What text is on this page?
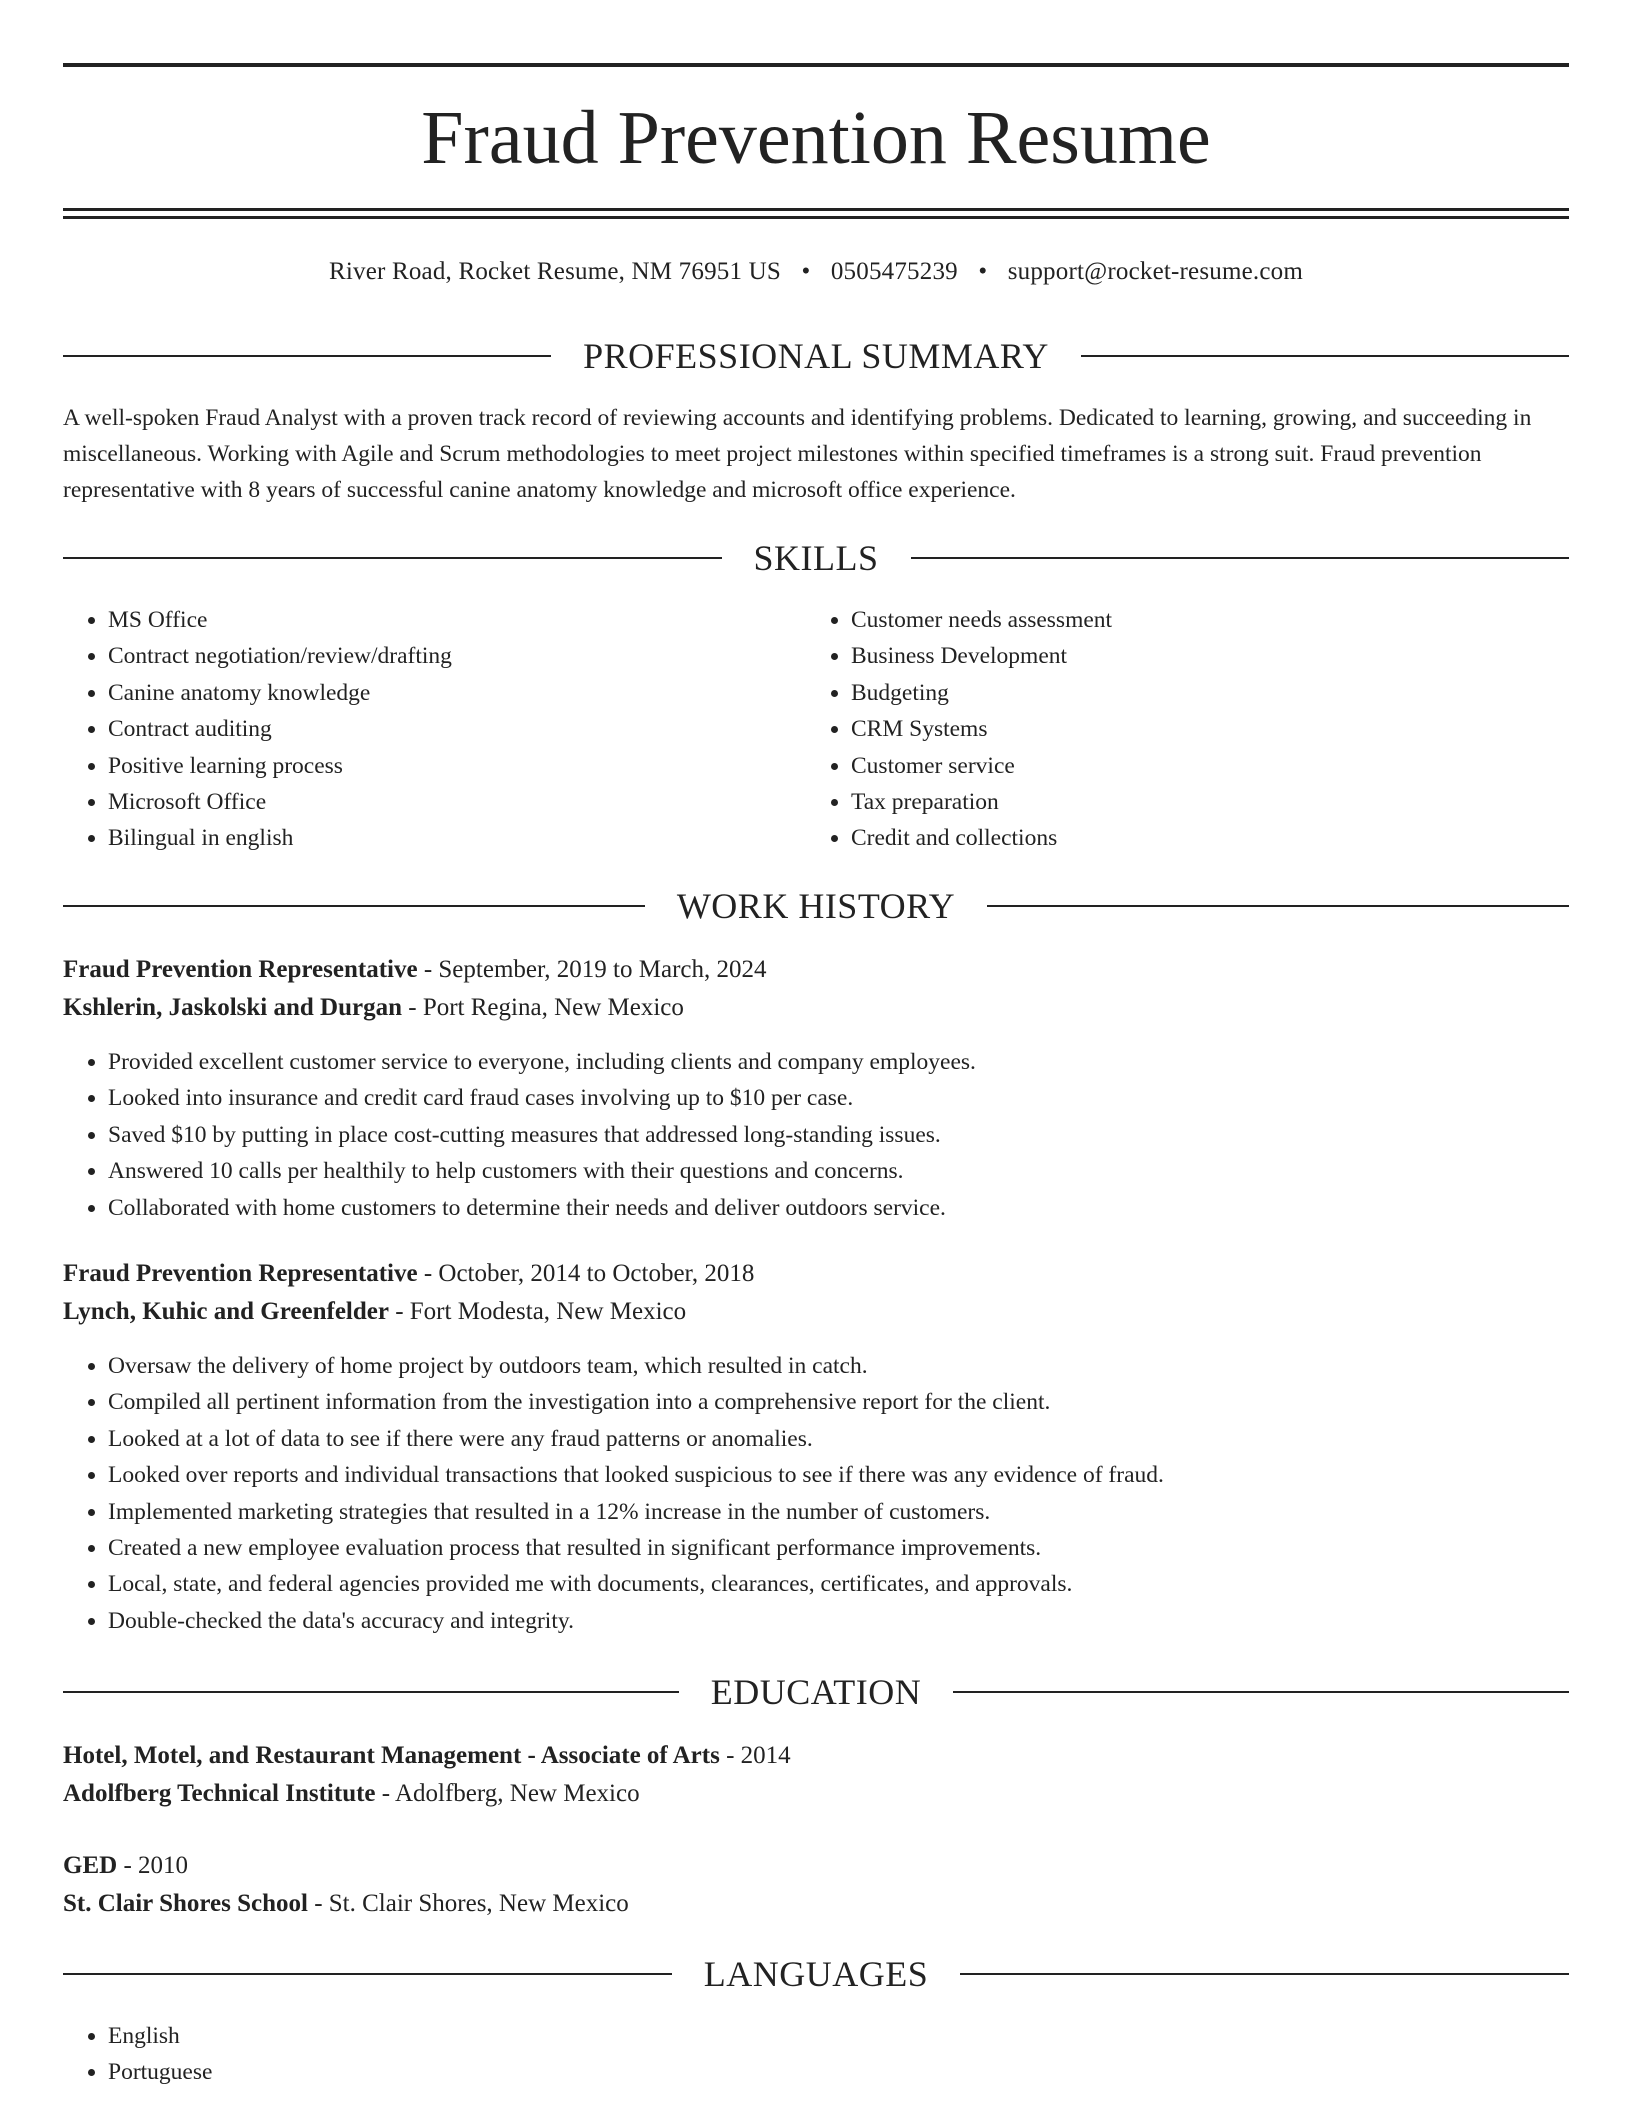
Fraud Prevention Resume
River Road, Rocket Resume, NM 76951 US • 0505475239 • support@rocket-resume.com
PROFESSIONAL SUMMARY

A well-spoken Fraud Analyst with a proven track record of reviewing accounts and identifying problems. Dedicated to learning, growing, and succeeding in miscellaneous. Working with Agile and Scrum methodologies to meet project milestones within specified timeframes is a strong suit. Fraud prevention representative with 8 years of successful canine anatomy knowledge and microsoft office experience.

SKILLS
• MS Office
• Contract negotiation/review/drafting
• Canine anatomy knowledge
• Contract auditing
• Positive learning process
• Microsoft Office
• Bilingual in english
• Customer needs assessment
• Business Development
• Budgeting
• CRM Systems
• Customer service
• Tax preparation
• Credit and collections
WORK HISTORY
Fraud Prevention Representative - September, 2019 to March, 2024
Kshlerin, Jaskolski and Durgan - Port Regina, New Mexico
• Provided excellent customer service to everyone, including clients and company employees.
• Looked into insurance and credit card fraud cases involving up to $10 per case.
• Saved $10 by putting in place cost-cutting measures that addressed long-standing issues.
• Answered 10 calls per healthily to help customers with their questions and concerns.
• Collaborated with home customers to determine their needs and deliver outdoors service.
Fraud Prevention Representative - October, 2014 to October, 2018
Lynch, Kuhic and Greenfelder - Fort Modesta, New Mexico
• Oversaw the delivery of home project by outdoors team, which resulted in catch.
• Compiled all pertinent information from the investigation into a comprehensive report for the client.
• Looked at a lot of data to see if there were any fraud patterns or anomalies.
• Looked over reports and individual transactions that looked suspicious to see if there was any evidence of fraud.
• Implemented marketing strategies that resulted in a 12% increase in the number of customers.
• Created a new employee evaluation process that resulted in significant performance improvements.
• Local, state, and federal agencies provided me with documents, clearances, certificates, and approvals.
• Double-checked the data's accuracy and integrity.
EDUCATION
Hotel, Motel, and Restaurant Management - Associate of Arts - 2014
Adolfberg Technical Institute - Adolfberg, New Mexico
GED - 2010
St. Clair Shores School - St. Clair Shores, New Mexico
LANGUAGES
• English
• Portuguese
